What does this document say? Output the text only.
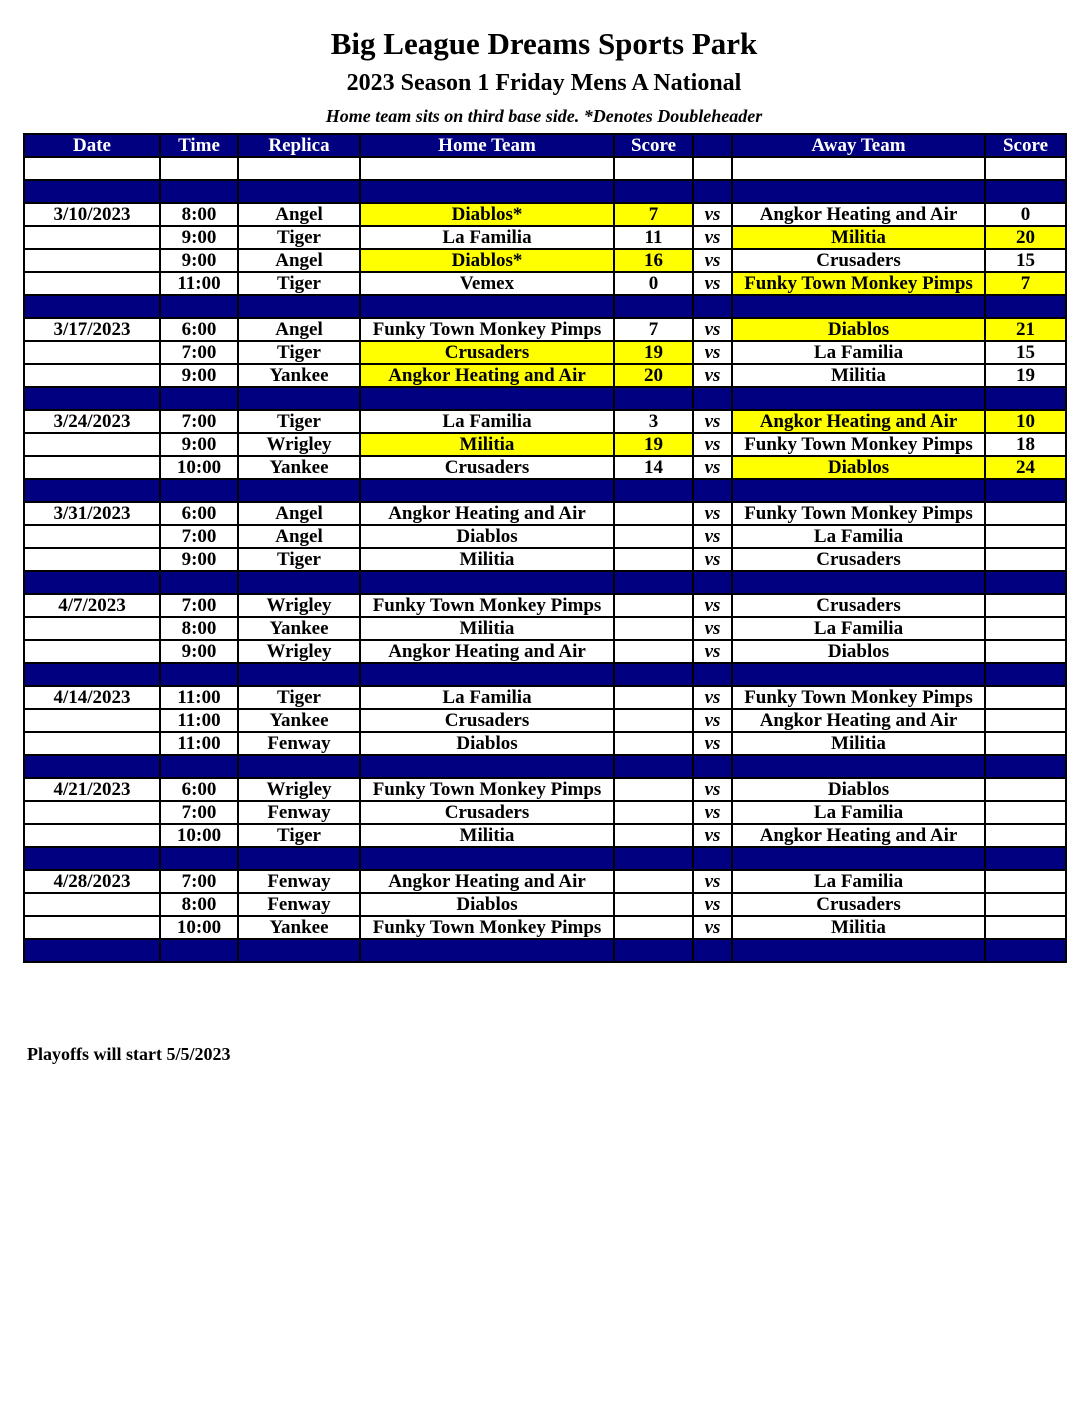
Big League Dreams Sports Park
2023 Season 1 Friday Mens A National
Home team sits on third base side. *Denotes Doubleheader
Date	Time	Replica	Home Team	Score		Away Team	Score

3/10/2023	8:00	Angel	Diablos*	7	vs	Angkor Heating and Air	0
	9:00	Tiger	La Familia	11	vs	Militia	20
	9:00	Angel	Diablos*	16	vs	Crusaders	15
	11:00	Tiger	Vemex	0	vs	Funky Town Monkey Pimps	7

3/17/2023	6:00	Angel	Funky Town Monkey Pimps	7	vs	Diablos	21
	7:00	Tiger	Crusaders	19	vs	La Familia	15
	9:00	Yankee	Angkor Heating and Air	20	vs	Militia	19

3/24/2023	7:00	Tiger	La Familia	3	vs	Angkor Heating and Air	10
	9:00	Wrigley	Militia	19	vs	Funky Town Monkey Pimps	18
	10:00	Yankee	Crusaders	14	vs	Diablos	24

3/31/2023	6:00	Angel	Angkor Heating and Air		vs	Funky Town Monkey Pimps	
	7:00	Angel	Diablos		vs	La Familia	
	9:00	Tiger	Militia		vs	Crusaders	

4/7/2023	7:00	Wrigley	Funky Town Monkey Pimps		vs	Crusaders	
	8:00	Yankee	Militia		vs	La Familia	
	9:00	Wrigley	Angkor Heating and Air		vs	Diablos	

4/14/2023	11:00	Tiger	La Familia		vs	Funky Town Monkey Pimps	
	11:00	Yankee	Crusaders		vs	Angkor Heating and Air	
	11:00	Fenway	Diablos		vs	Militia	

4/21/2023	6:00	Wrigley	Funky Town Monkey Pimps		vs	Diablos	
	7:00	Fenway	Crusaders		vs	La Familia	
	10:00	Tiger	Militia		vs	Angkor Heating and Air	

4/28/2023	7:00	Fenway	Angkor Heating and Air		vs	La Familia	
	8:00	Fenway	Diablos		vs	Crusaders	
	10:00	Yankee	Funky Town Monkey Pimps		vs	Militia	

Playoffs will start 5/5/2023
